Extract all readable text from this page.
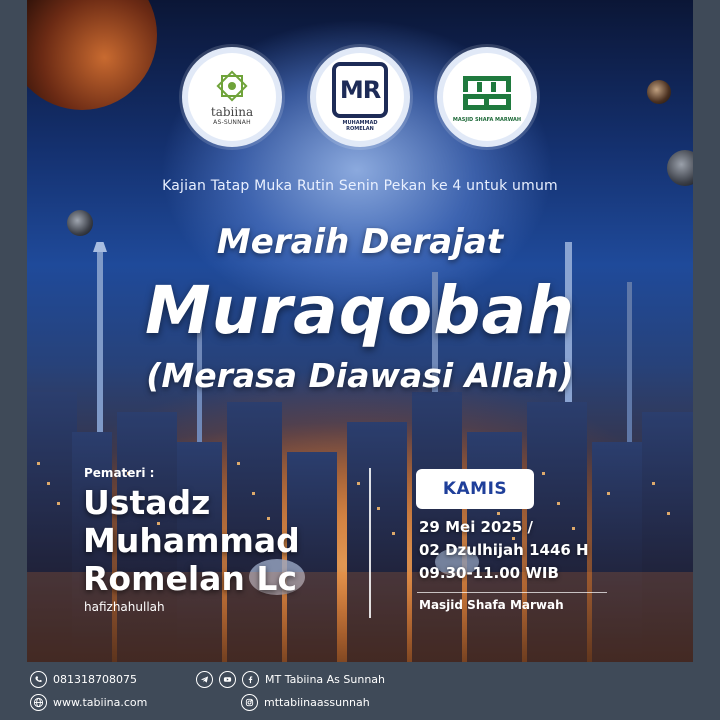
tabiina
AS-SUNNAH
MR
MUHAMMAD
ROMELAN
MASJID SHAFA MARWAH
Kajian Tatap Muka Rutin Senin Pekan ke 4 untuk umum
Meraih Derajat
Muraqobah
(Merasa Diawasi Allah)
Pemateri :
Ustadz
Muhammad
Romelan Lc
hafizhahullah
KAMIS
29 Mei 2025 /
02 Dzulhijah 1446 H
09.30-11.00 WIB
Masjid Shafa Marwah
081318708075
www.tabiina.com
MT Tabiina As Sunnah
mttabiinaassunnah
